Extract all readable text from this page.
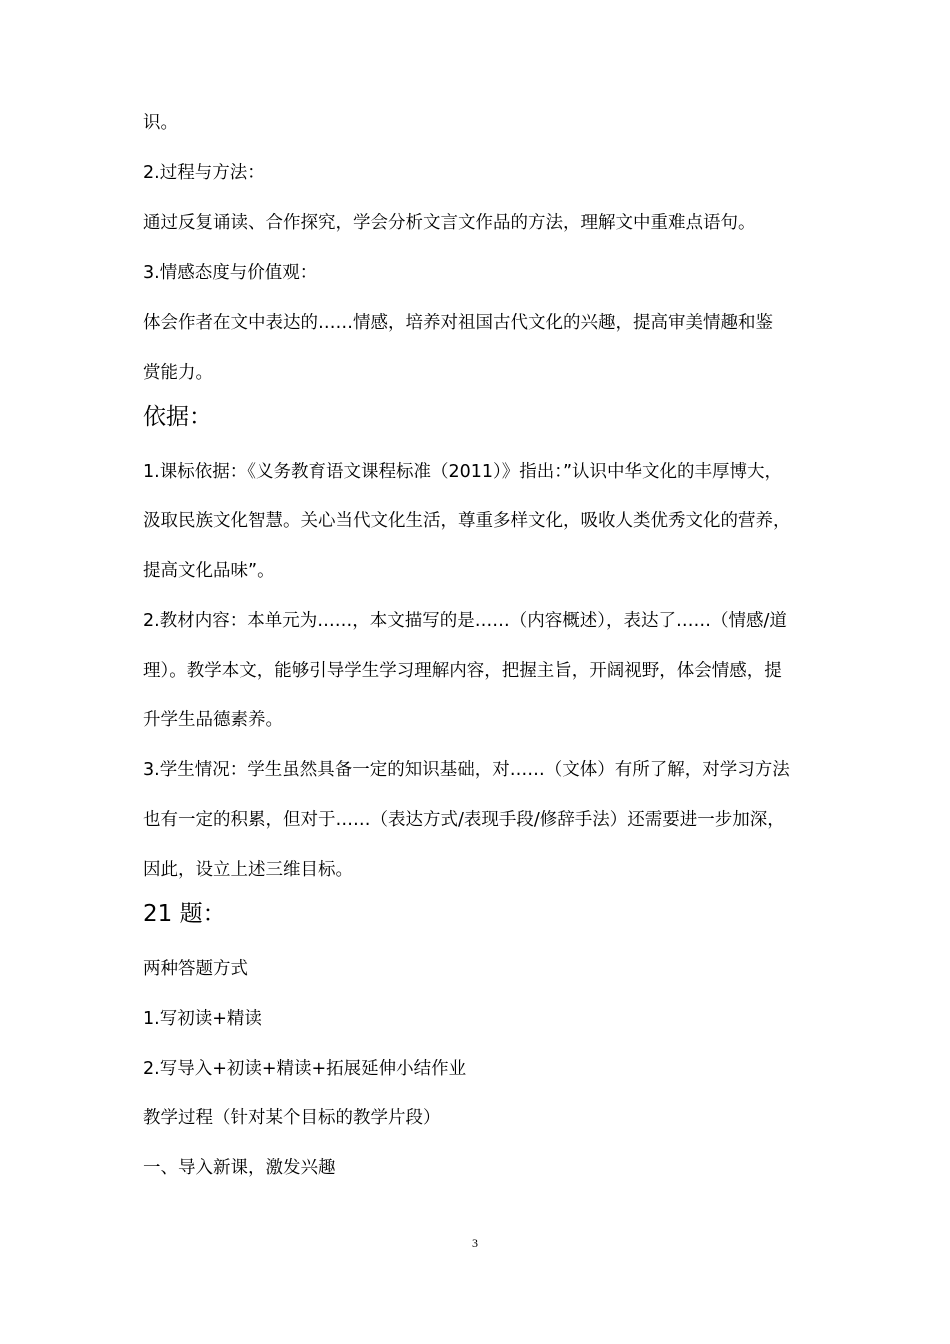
识。
2.过程与方法：
通过反复诵读、合作探究，学会分析文言文作品的方法，理解文中重难点语句。
3.情感态度与价值观：
体会作者在文中表达的……情感，培养对祖国古代文化的兴趣，提高审美情趣和鉴
赏能力。
依据：
1.课标依据：《义务教育语文课程标准（2011）》指出：”认识中华文化的丰厚博大，
汲取民族文化智慧。关心当代文化生活，尊重多样文化，吸收人类优秀文化的营养，
提高文化品味”。
2.教材内容：本单元为……，本文描写的是……（内容概述），表达了……（情感/道
理）。教学本文，能够引导学生学习理解内容，把握主旨，开阔视野，体会情感，提
升学生品德素养。
3.学生情况：学生虽然具备一定的知识基础，对……（文体）有所了解，对学习方法
也有一定的积累，但对于……（表达方式/表现手段/修辞手法）还需要进一步加深，
因此，设立上述三维目标。
21 题：
两种答题方式
1.写初读+精读
2.写导入+初读+精读+拓展延伸小结作业
教学过程（针对某个目标的教学片段）
一、导入新课，激发兴趣
3
